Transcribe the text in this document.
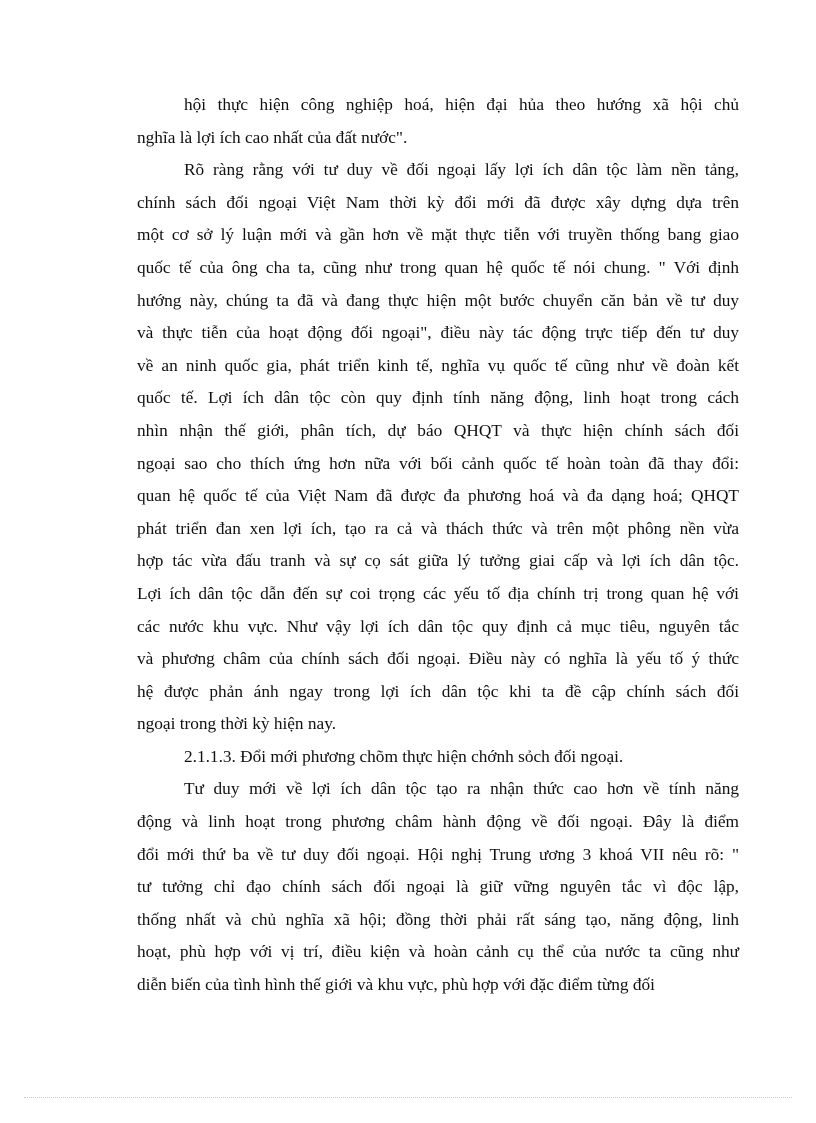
hội thực hiện công nghiệp hoá, hiện đại hủa theo hướng xã hội chủ
nghĩa là lợi ích cao nhất của đất nước".
Rõ ràng rằng với tư duy về đối ngoại lấy lợi ích dân tộc làm nền tảng,
chính sách đối ngoại Việt Nam thời kỳ đổi mới đã được xây dựng dựa trên
một cơ sở lý luận mới và gần hơn về mặt thực tiễn với truyền thống bang giao
quốc tế của ông cha ta, cũng như trong quan hệ quốc tế nói chung. " Với định
hướng này, chúng ta đã và đang thực hiện một bước chuyển căn bản về tư duy
và thực tiễn của hoạt động đối ngoại", điều này tác động trực tiếp đến tư duy
về an ninh quốc gia, phát triển kinh tế, nghĩa vụ quốc tế cũng như về đoàn kết
quốc tế. Lợi ích dân tộc còn quy định tính năng động, linh hoạt trong cách
nhìn nhận thế giới, phân tích, dự báo QHQT và thực hiện chính sách đối
ngoại sao cho thích ứng hơn nữa với bối cảnh quốc tế hoàn toàn đã thay đổi:
quan hệ quốc tế của Việt Nam đã được đa phương hoá và đa dạng hoá; QHQT
phát triển đan xen lợi ích, tạo ra cả và thách thức và trên một phông nền vừa
hợp tác vừa đấu tranh và sự cọ sát giữa lý tưởng giai cấp và lợi ích dân tộc.
Lợi ích dân tộc dẫn đến sự coi trọng các yếu tố địa chính trị trong quan hệ với
các nước khu vực. Như vậy lợi ích dân tộc quy định cả mục tiêu, nguyên tắc
và phương châm của chính sách đối ngoại. Điều này có nghĩa là yếu tố ý thức
hệ được phản ánh ngay trong lợi ích dân tộc khi ta đề cập chính sách đối
ngoại trong thời kỳ hiện nay.
2.1.1.3. Đổi mới phương chõm thực hiện chớnh sỏch đối ngoại.
Tư duy mới về lợi ích dân tộc tạo ra nhận thức cao hơn về tính năng
động và linh hoạt trong phương châm hành động về đối ngoại. Đây là điểm
đổi mới thứ ba về tư duy đối ngoại. Hội nghị Trung ương 3 khoá VII nêu rõ: "
tư tưởng chỉ đạo chính sách đối ngoại là giữ vững nguyên tắc vì độc lập,
thống nhất và chủ nghĩa xã hội; đồng thời phải rất sáng tạo, năng động, linh
hoạt, phù hợp với vị trí, điều kiện và hoàn cảnh cụ thể của nước ta cũng như
diễn biến của tình hình thế giới và khu vực, phù hợp với đặc điểm từng đối
